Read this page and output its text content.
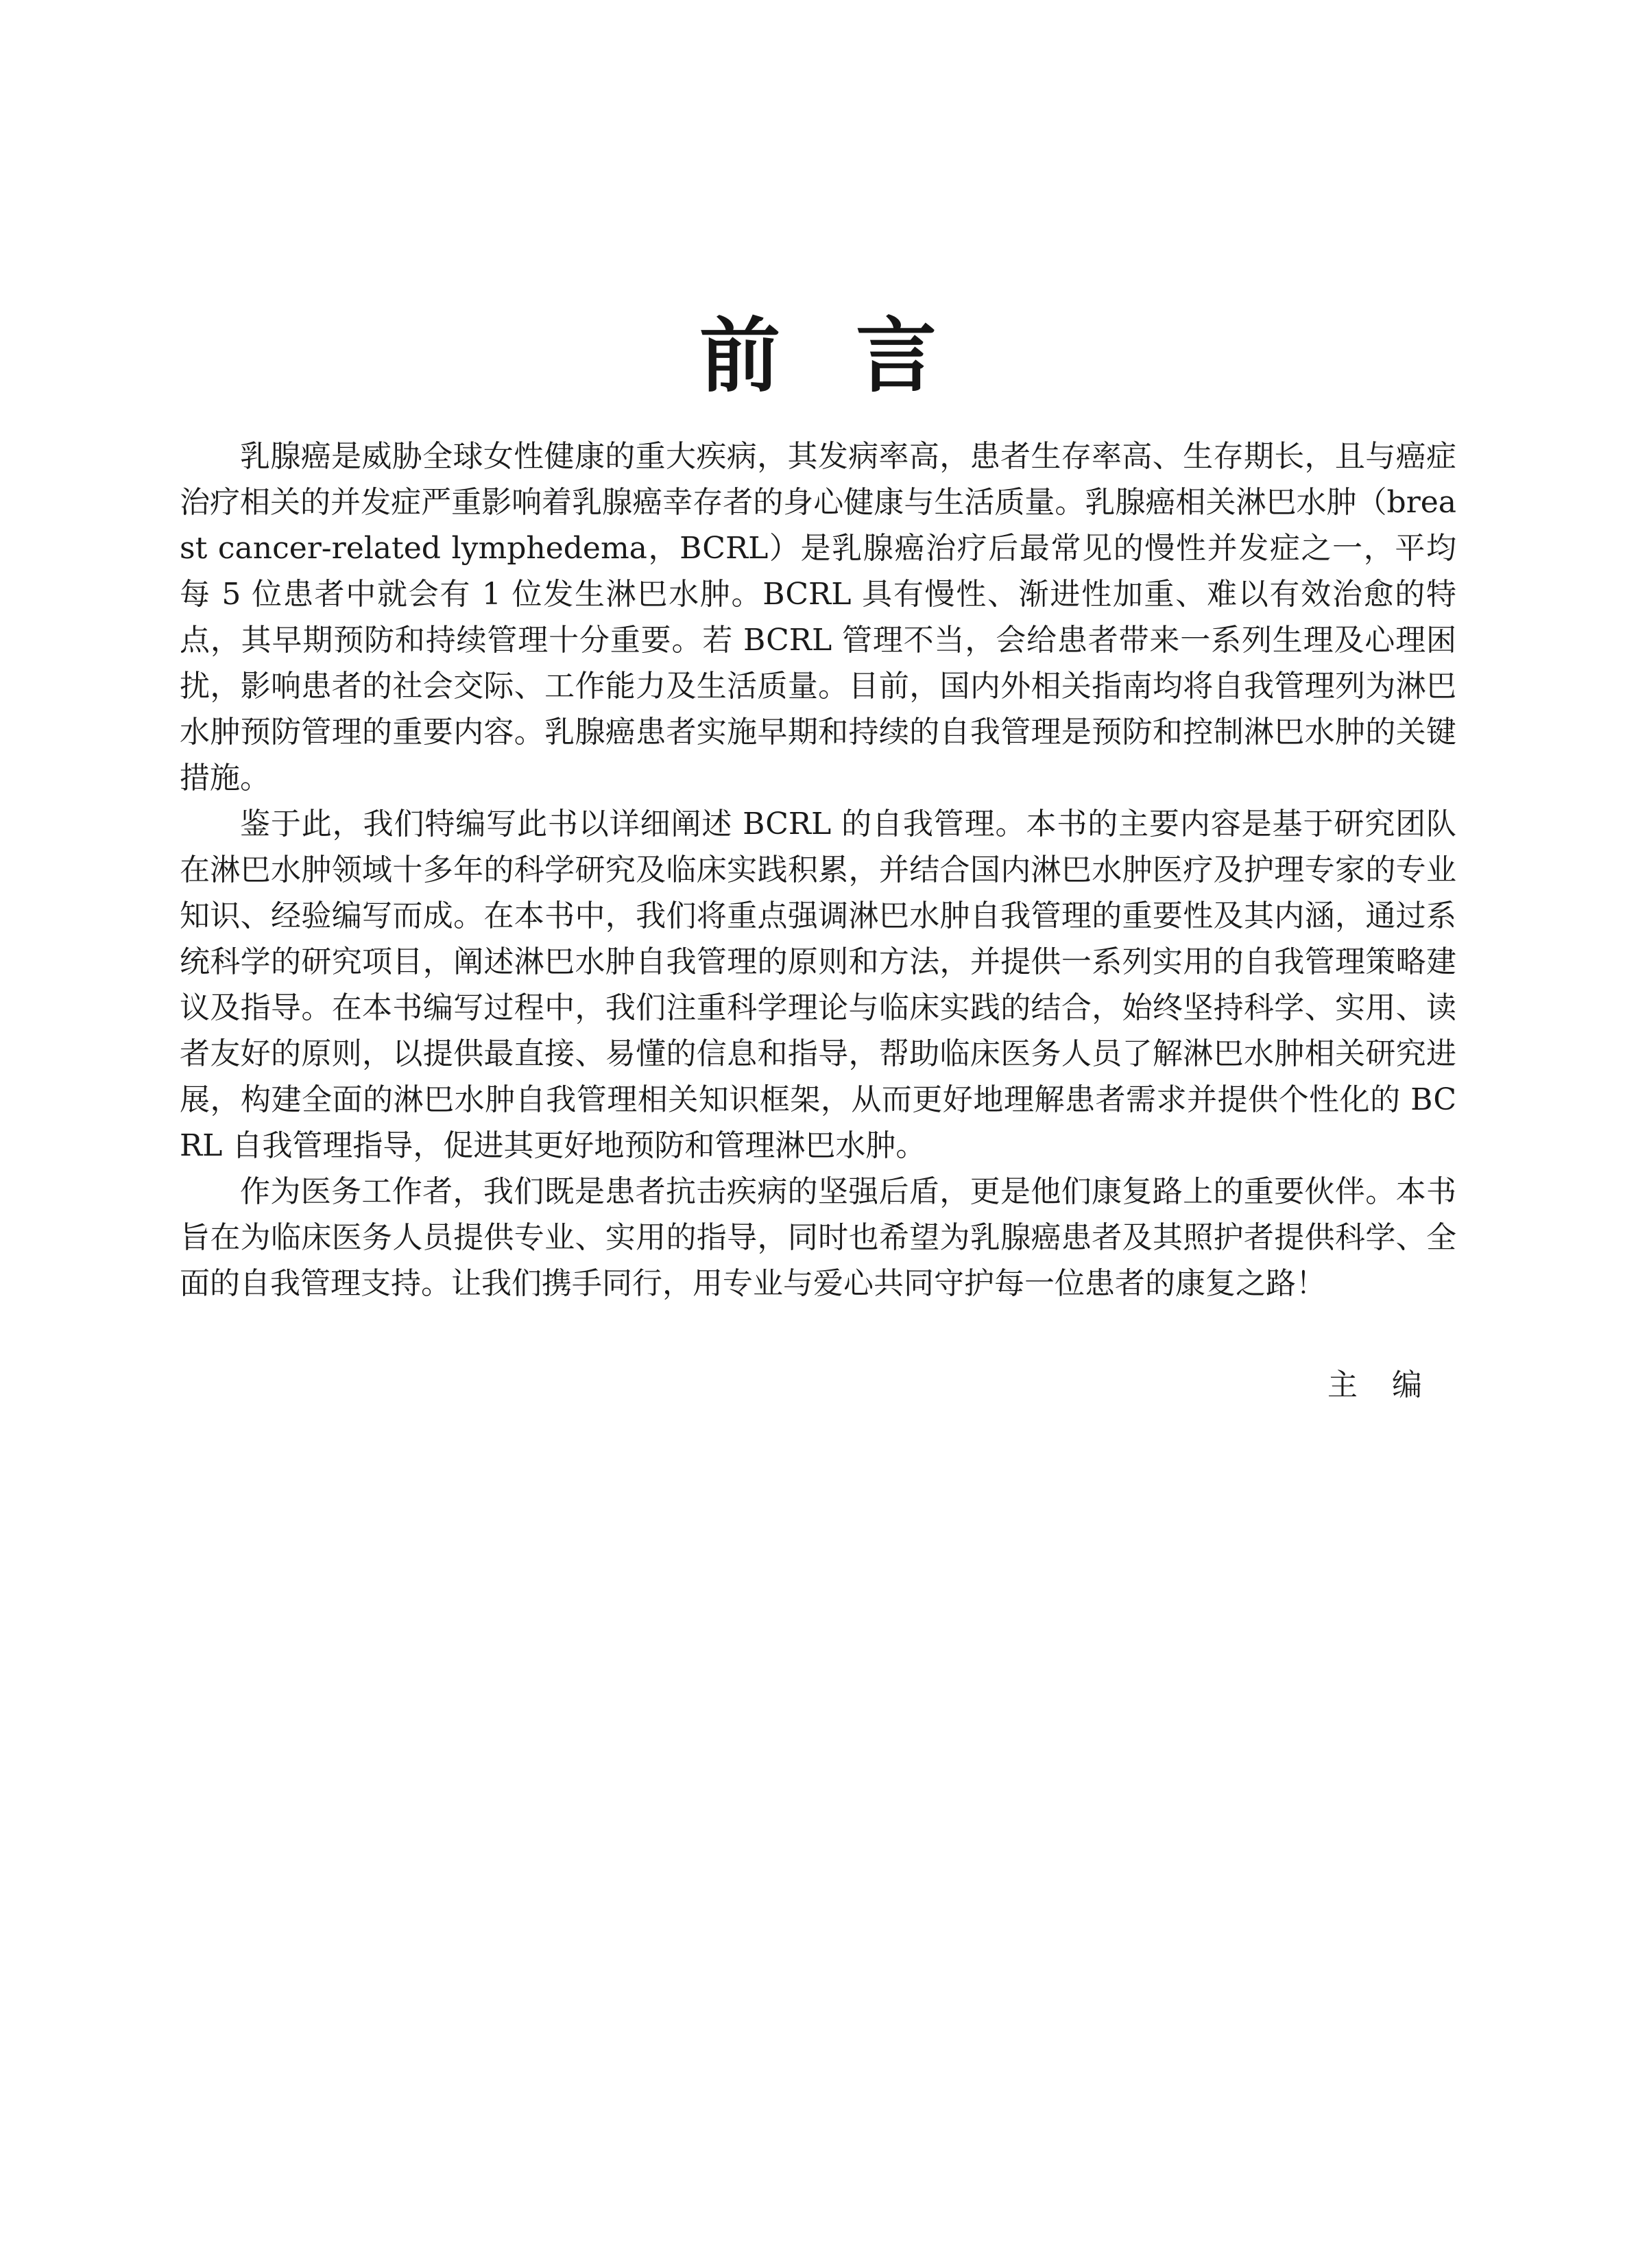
前言

乳腺癌是威胁全球女性健康的重大疾病，其发病率高，患者生存率高、生存期长，且与癌症治疗相关的并发症严重影响着乳腺癌幸存者的身心健康与生活质量。乳腺癌相关淋巴水肿（breast cancer-related lymphedema，BCRL）是乳腺癌治疗后最常见的慢性并发症之一，平均每 5 位患者中就会有 1 位发生淋巴水肿。BCRL 具有慢性、渐进性加重、难以有效治愈的特点，其早期预防和持续管理十分重要。若 BCRL 管理不当，会给患者带来一系列生理及心理困扰，影响患者的社会交际、工作能力及生活质量。目前，国内外相关指南均将自我管理列为淋巴水肿预防管理的重要内容。乳腺癌患者实施早期和持续的自我管理是预防和控制淋巴水肿的关键措施。

鉴于此，我们特编写此书以详细阐述 BCRL 的自我管理。本书的主要内容是基于研究团队在淋巴水肿领域十多年的科学研究及临床实践积累，并结合国内淋巴水肿医疗及护理专家的专业知识、经验编写而成。在本书中，我们将重点强调淋巴水肿自我管理的重要性及其内涵，通过系统科学的研究项目，阐述淋巴水肿自我管理的原则和方法，并提供一系列实用的自我管理策略建议及指导。在本书编写过程中，我们注重科学理论与临床实践的结合，始终坚持科学、实用、读者友好的原则，以提供最直接、易懂的信息和指导，帮助临床医务人员了解淋巴水肿相关研究进展，构建全面的淋巴水肿自我管理相关知识框架，从而更好地理解患者需求并提供个性化的 BCRL 自我管理指导，促进其更好地预防和管理淋巴水肿。

作为医务工作者，我们既是患者抗击疾病的坚强后盾，更是他们康复路上的重要伙伴。本书旨在为临床医务人员提供专业、实用的指导，同时也希望为乳腺癌患者及其照护者提供科学、全面的自我管理支持。让我们携手同行，用专业与爱心共同守护每一位患者的康复之路！

主编
